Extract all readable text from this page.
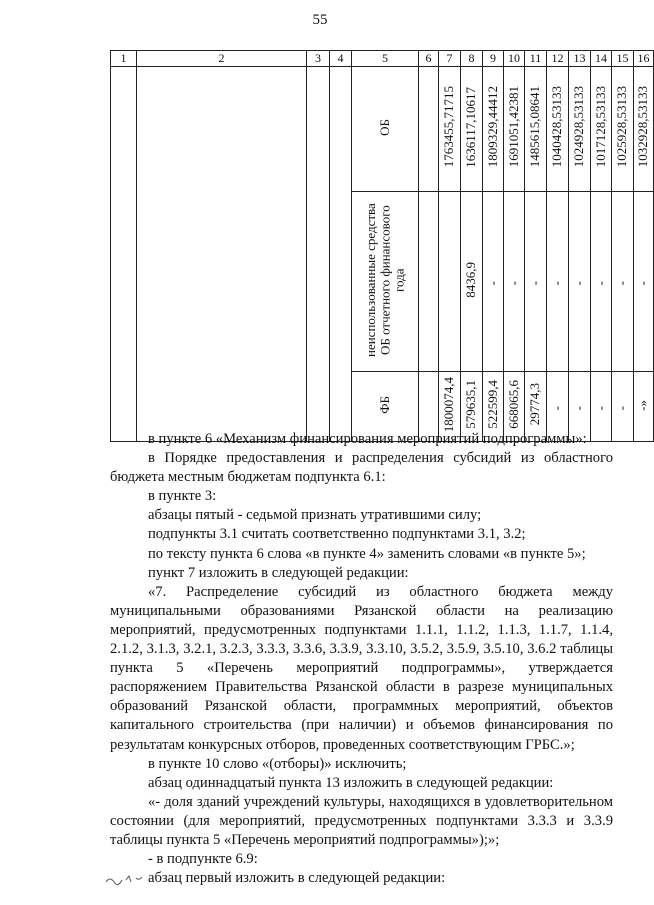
55
1	2	3	4	5	6	7	8	9	10	11	12	13	14	15	16
				ОБ		1763455,71715	1636117,10617	1809329,44412	1691051,42381	1485615,08641	1040428,53133	1024928,53133	1017128,53133	1025928,53133	1032928,53133
				неиспользованные средства ОБ отчетного финансового года			8436,9	-	-	-	-	-	-	-	-
				ФБ		1800074,4	579635,1	522599,4	668065,6	29774,3	-	-	-	-	-»

в пункте 6 «Механизм финансирования мероприятий подпрограммы»:

в Порядке предоставления и распределения субсидий из областного бюджета местным бюджетам подпункта 6.1:

в пункте 3:

абзацы пятый - седьмой признать утратившими силу;

подпункты 3.1 считать соответственно подпунктами 3.1, 3.2;

по тексту пункта 6 слова «в пункте 4» заменить словами «в пункте 5»;

пункт 7 изложить в следующей редакции:

«7. Распределение субсидий из областного бюджета между муниципальными образованиями Рязанской области на реализацию мероприятий, предусмотренных подпунктами 1.1.1, 1.1.2, 1.1.3, 1.1.7, 1.1.4, 2.1.2, 3.1.3, 3.2.1, 3.2.3, 3.3.3, 3.3.6, 3.3.9, 3.3.10, 3.5.2, 3.5.9, 3.5.10, 3.6.2 таблицы пункта 5 «Перечень мероприятий подпрограммы», утверждается распоряжением Правительства Рязанской области в разрезе муниципальных образований Рязанской области, программных мероприятий, объектов капитального строительства (при наличии) и объемов финансирования по результатам конкурсных отборов, проведенных соответствующим ГРБС.»;

в пункте 10 слово «(отборы)» исключить;

абзац одиннадцатый пункта 13 изложить в следующей редакции:

«- доля зданий учреждений культуры, находящихся в удовлетворительном состоянии (для мероприятий, предусмотренных подпунктами 3.3.3 и 3.3.9 таблицы пункта 5 «Перечень мероприятий подпрограммы»);»;

- в подпункте 6.9:

абзац первый изложить в следующей редакции:
